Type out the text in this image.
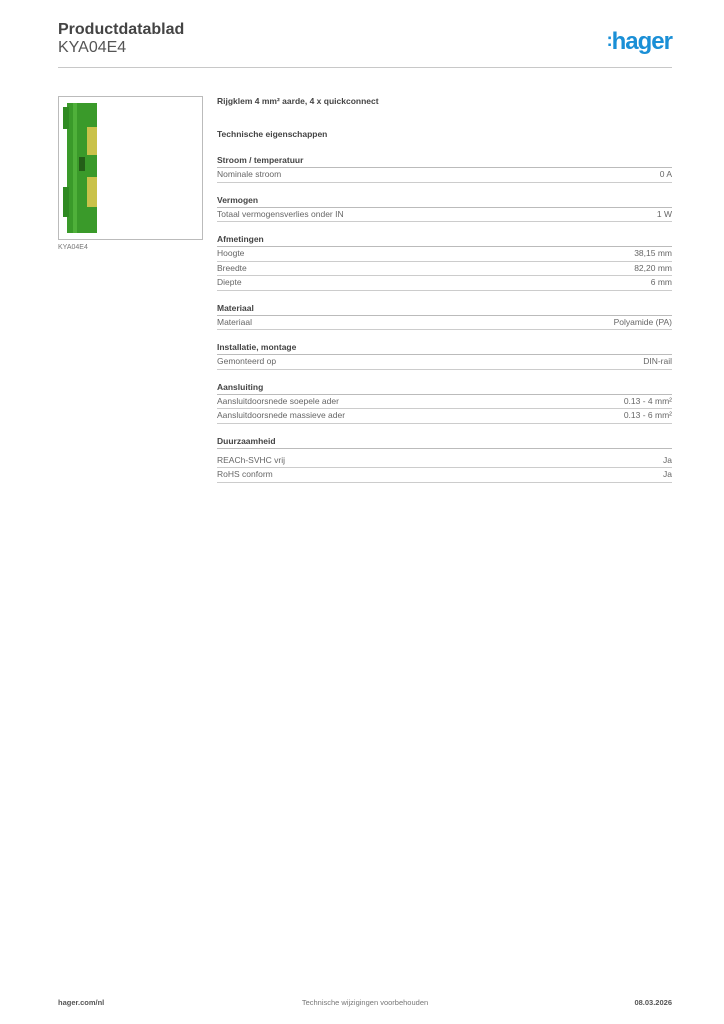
Productdatablad
KYA04E4	:hager
KYA04E4
Rijgklem 4 mm² aarde, 4 x quickconnect
Technische eigenschappen
Stroom / temperatuur
Nominale stroom	0 A
Vermogen
Totaal vermogensverlies onder IN	1 W
Afmetingen
Hoogte	38,15 mm
Breedte	82,20 mm
Diepte	6 mm
Materiaal
Materiaal	Polyamide (PA)
Installatie, montage
Gemonteerd op	DIN-rail
Aansluiting
Aansluitdoorsnede soepele ader	0.13 - 4 mm²
Aansluitdoorsnede massieve ader	0.13 - 6 mm²
Duurzaamheid
REACh-SVHC vrij	Ja
RoHS conform	Ja
hager.com/nl	Technische wijzigingen voorbehouden	08.03.2026
